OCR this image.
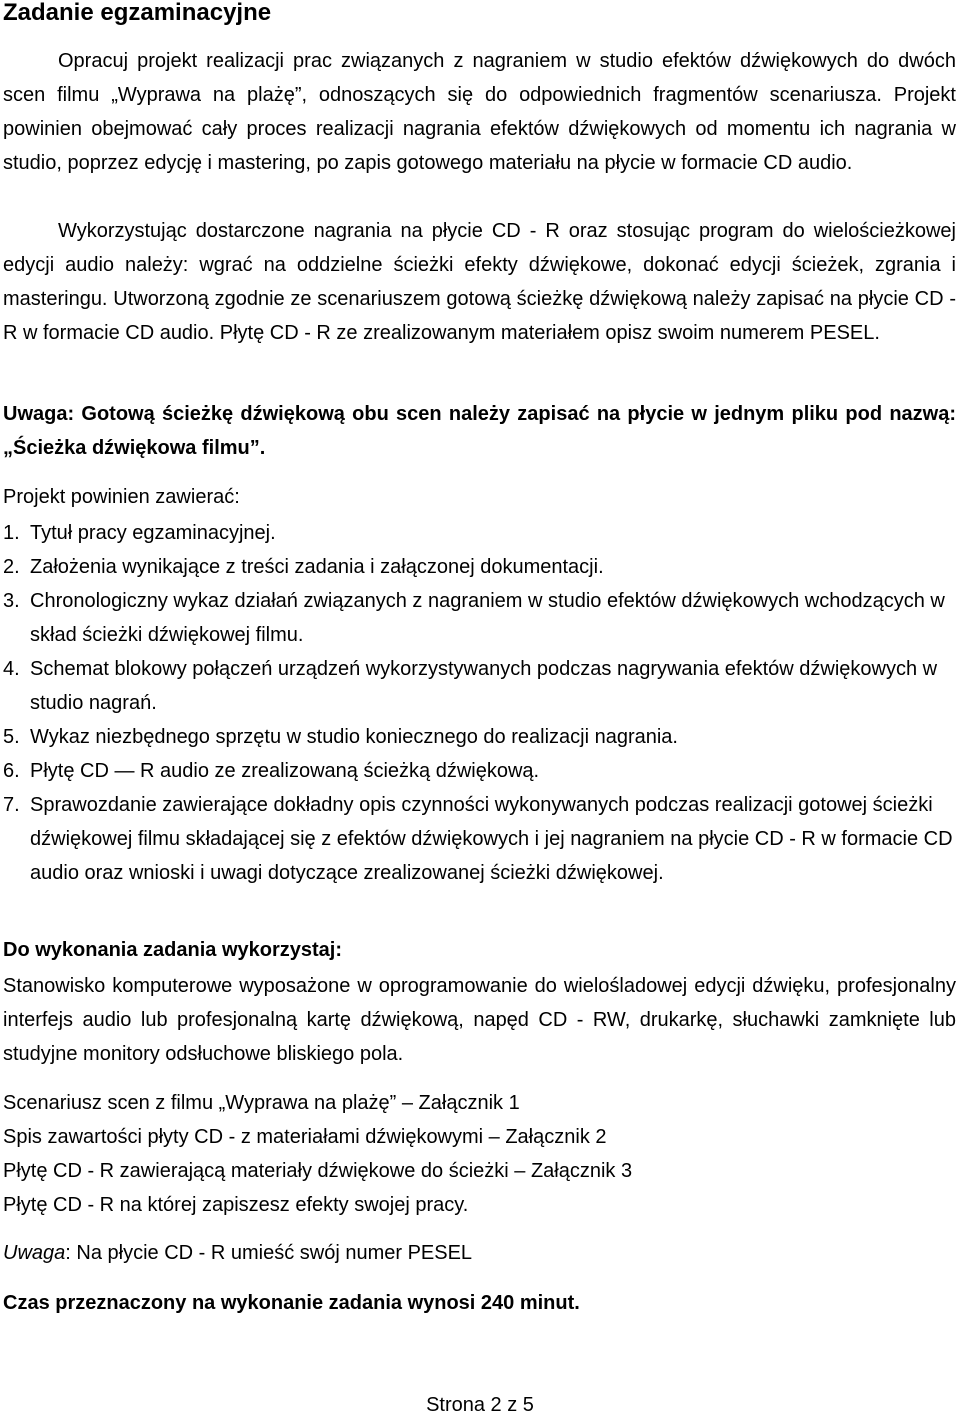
Zadanie egzaminacyjne

Opracuj projekt realizacji prac związanych z nagraniem w studio efektów dźwiękowych do dwóch scen filmu „Wyprawa na plażę”, odnoszących się do odpowiednich fragmentów scenariusza. Projekt powinien obejmować cały proces realizacji nagrania efektów dźwiękowych od momentu ich nagrania w studio, poprzez edycję i mastering, po zapis gotowego materiału na płycie w formacie CD audio.

Wykorzystując dostarczone nagrania na płycie CD - R oraz stosując program do wielościeżkowej edycji audio należy: wgrać na oddzielne ścieżki efekty dźwiękowe, dokonać edycji ścieżek, zgrania i masteringu. Utworzoną zgodnie ze scenariuszem gotową ścieżkę dźwiękową należy zapisać na płycie CD - R w formacie CD audio. Płytę CD - R ze zrealizowanym materiałem opisz swoim numerem PESEL.

Uwaga: Gotową ścieżkę dźwiękową obu scen należy zapisać na płycie w jednym pliku pod nazwą: „Ścieżka dźwiękowa filmu”.

Projekt powinien zawierać:

1. Tytuł pracy egzaminacyjnej.
2. Założenia wynikające z treści zadania i załączonej dokumentacji.
3. Chronologiczny wykaz działań związanych z nagraniem w studio efektów dźwiękowych wchodzących w skład ścieżki dźwiękowej filmu.
4. Schemat blokowy połączeń urządzeń wykorzystywanych podczas nagrywania efektów dźwiękowych w studio nagrań.
5. Wykaz niezbędnego sprzętu w studio koniecznego do realizacji nagrania.
6. Płytę CD — R audio ze zrealizowaną ścieżką dźwiękową.
7. Sprawozdanie zawierające dokładny opis czynności wykonywanych podczas realizacji gotowej ścieżki dźwiękowej filmu składającej się z efektów dźwiękowych i jej nagraniem na płycie CD - R w formacie CD audio oraz wnioski i uwagi dotyczące zrealizowanej ścieżki dźwiękowej.

Do wykonania zadania wykorzystaj:

Stanowisko komputerowe wyposażone w oprogramowanie do wielośladowej edycji dźwięku, profesjonalny interfejs audio lub profesjonalną kartę dźwiękową, napęd CD - RW, drukarkę, słuchawki zamknięte lub studyjne monitory odsłuchowe bliskiego pola.

Scenariusz scen z filmu „Wyprawa na plażę” – Załącznik 1

Spis zawartości płyty CD - z materiałami dźwiękowymi – Załącznik 2

Płytę CD - R zawierającą materiały dźwiękowe do ścieżki – Załącznik 3

Płytę CD - R na której zapiszesz efekty swojej pracy.

Uwaga: Na płycie CD - R umieść swój numer PESEL

Czas przeznaczony na wykonanie zadania wynosi 240 minut.

Strona 2 z 5
